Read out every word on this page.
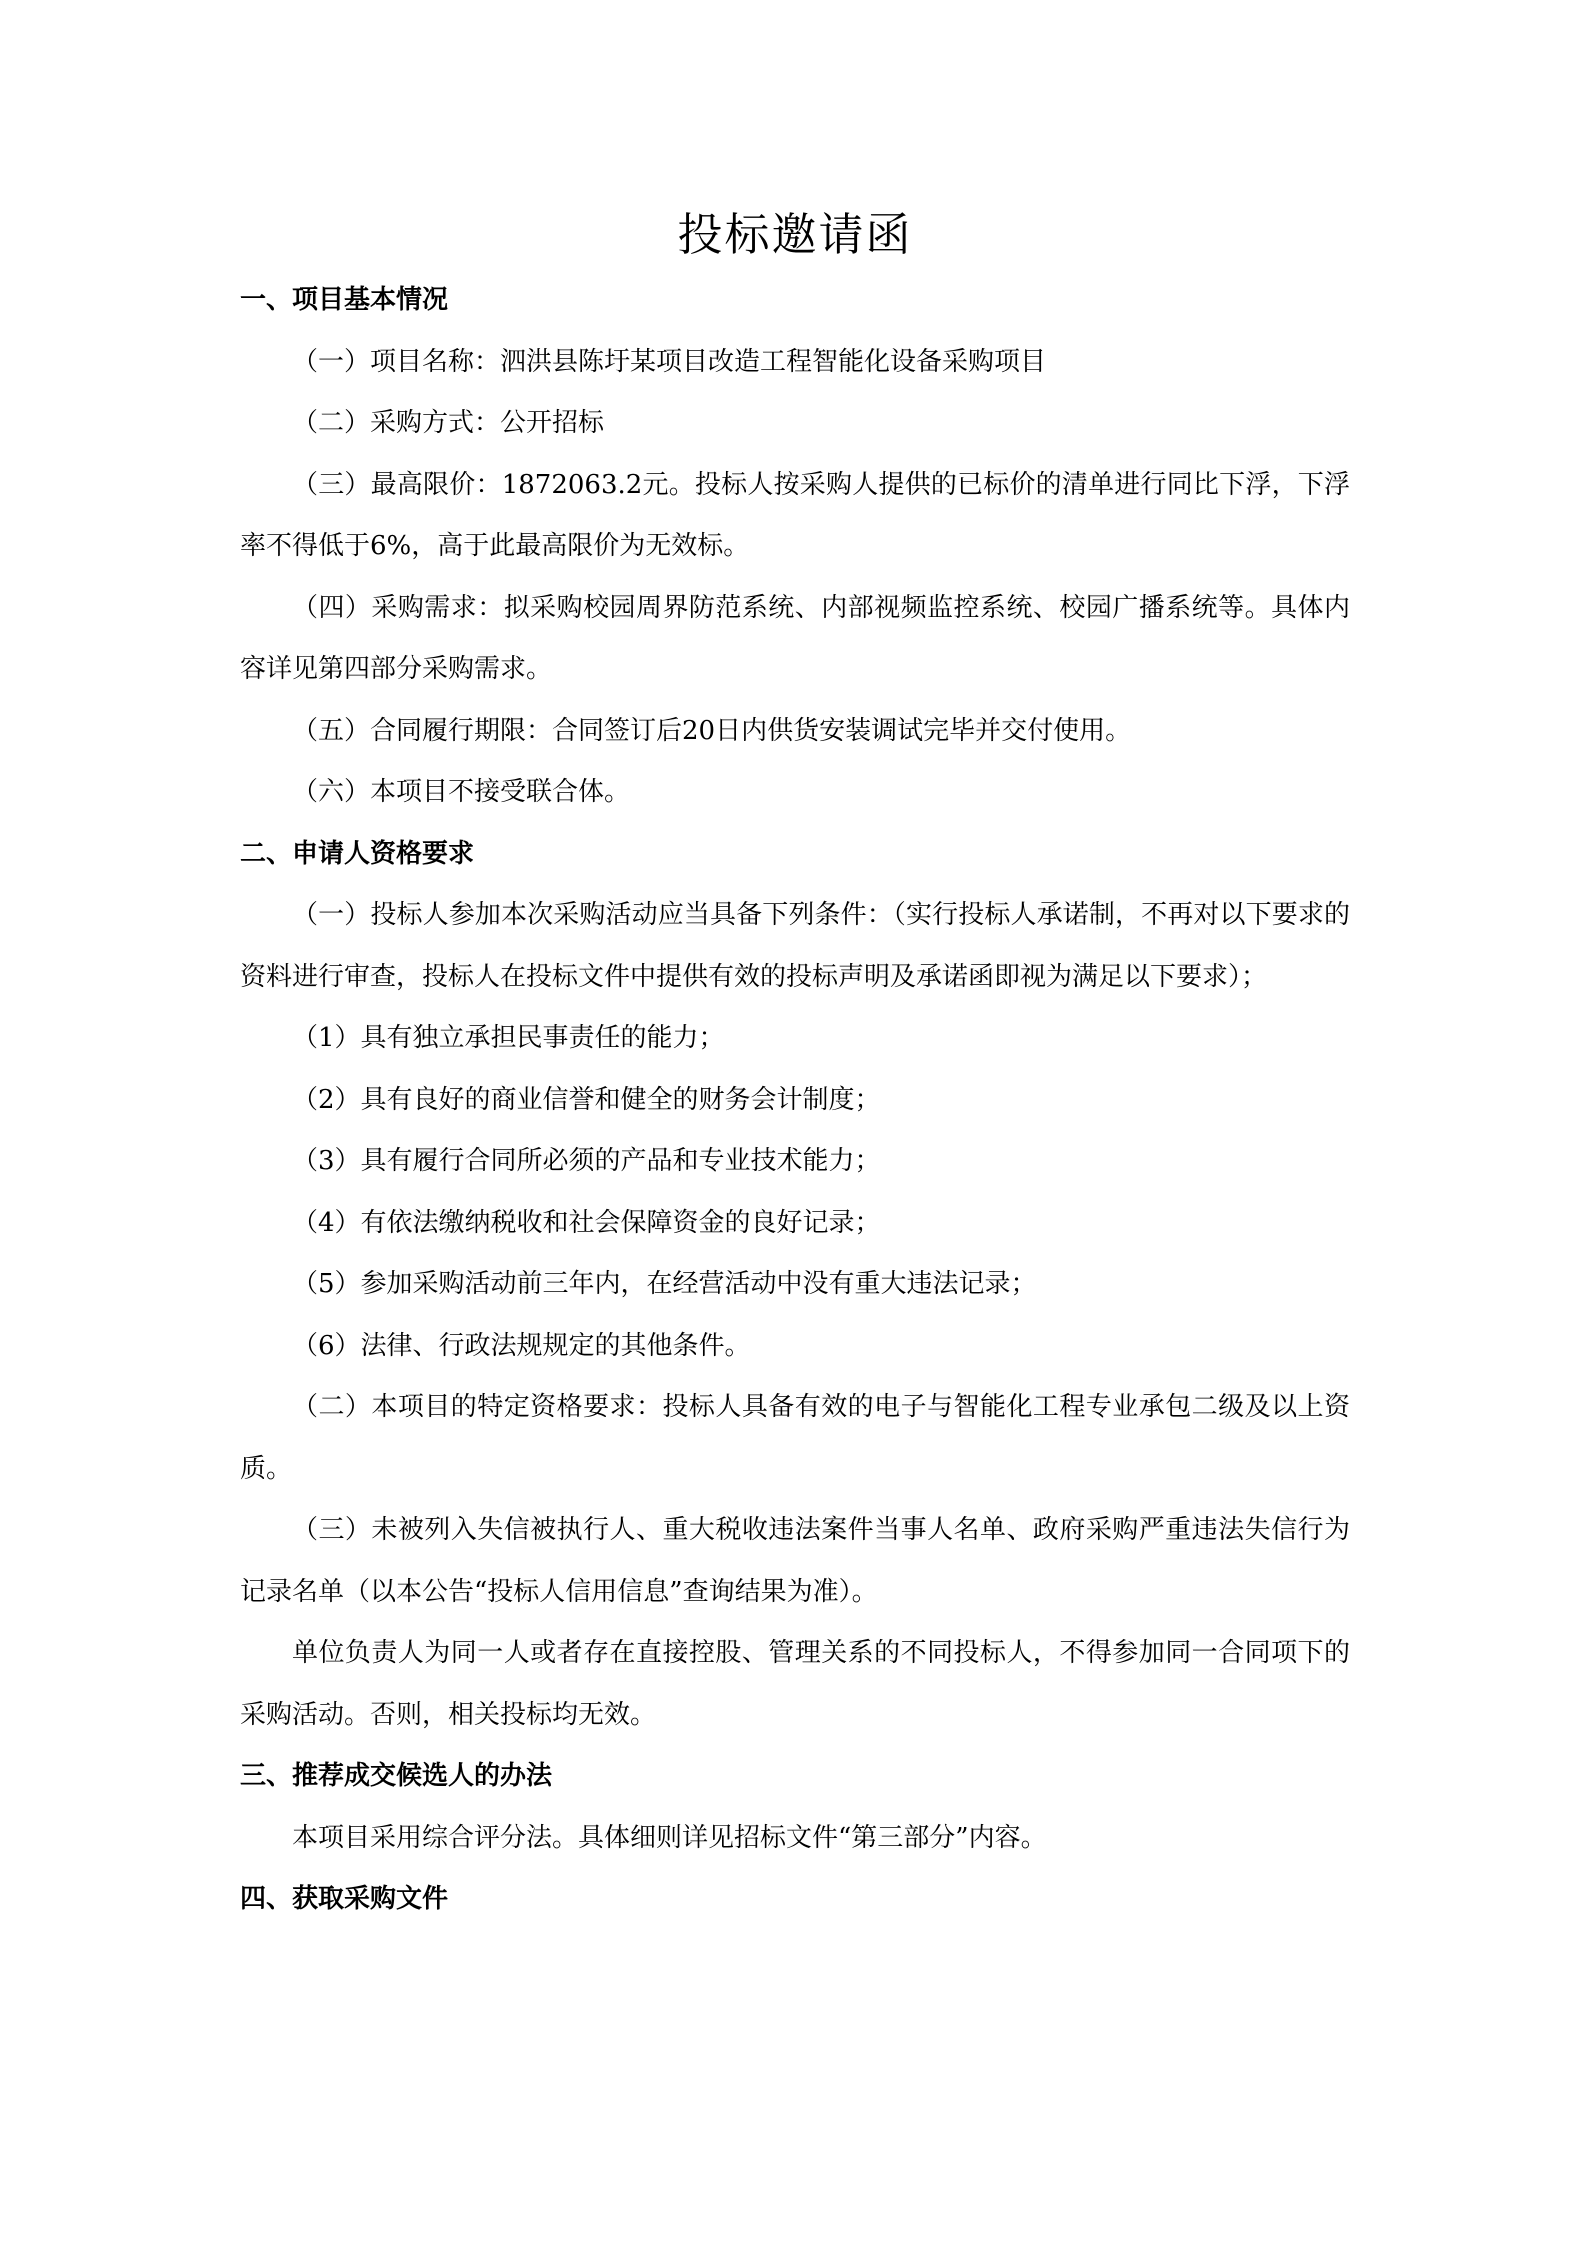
投标邀请函

一、项目基本情况

（一）项目名称：泗洪县陈圩某项目改造工程智能化设备采购项目

（二）采购方式：公开招标

（三）最高限价：1872063.2元。投标人按采购人提供的已标价的清单进行同比下浮，下浮率不得低于6%，高于此最高限价为无效标。

（四）采购需求：拟采购校园周界防范系统、内部视频监控系统、校园广播系统等。具体内容详见第四部分采购需求。

（五）合同履行期限：合同签订后20日内供货安装调试完毕并交付使用。

（六）本项目不接受联合体。

二、申请人资格要求

（一）投标人参加本次采购活动应当具备下列条件：（实行投标人承诺制，不再对以下要求的资料进行审查，投标人在投标文件中提供有效的投标声明及承诺函即视为满足以下要求）；

（1）具有独立承担民事责任的能力；

（2）具有良好的商业信誉和健全的财务会计制度；

（3）具有履行合同所必须的产品和专业技术能力；

（4）有依法缴纳税收和社会保障资金的良好记录；

（5）参加采购活动前三年内，在经营活动中没有重大违法记录；

（6）法律、行政法规规定的其他条件。

（二）本项目的特定资格要求：投标人具备有效的电子与智能化工程专业承包二级及以上资质。

（三）未被列入失信被执行人、重大税收违法案件当事人名单、政府采购严重违法失信行为记录名单（以本公告“投标人信用信息”查询结果为准）。

单位负责人为同一人或者存在直接控股、管理关系的不同投标人，不得参加同一合同项下的采购活动。否则，相关投标均无效。

三、推荐成交候选人的办法

本项目采用综合评分法。具体细则详见招标文件“第三部分”内容。

四、获取采购文件
